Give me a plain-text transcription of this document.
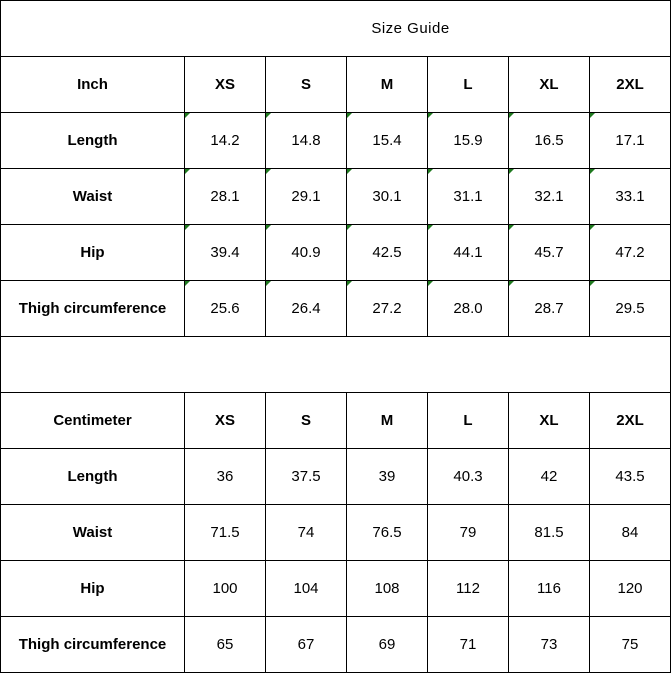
Size Guide						
Inch	XS	S	M	L	XL	2XL
Length	14.2	14.8	15.4	15.9	16.5	17.1
Waist	28.1	29.1	30.1	31.1	32.1	33.1
Hip	39.4	40.9	42.5	44.1	45.7	47.2
Thigh circumference	25.6	26.4	27.2	28.0	28.7	29.5

Centimeter	XS	S	M	L	XL	2XL
Length	36	37.5	39	40.3	42	43.5
Waist	71.5	74	76.5	79	81.5	84
Hip	100	104	108	112	116	120
Thigh circumference	65	67	69	71	73	75
